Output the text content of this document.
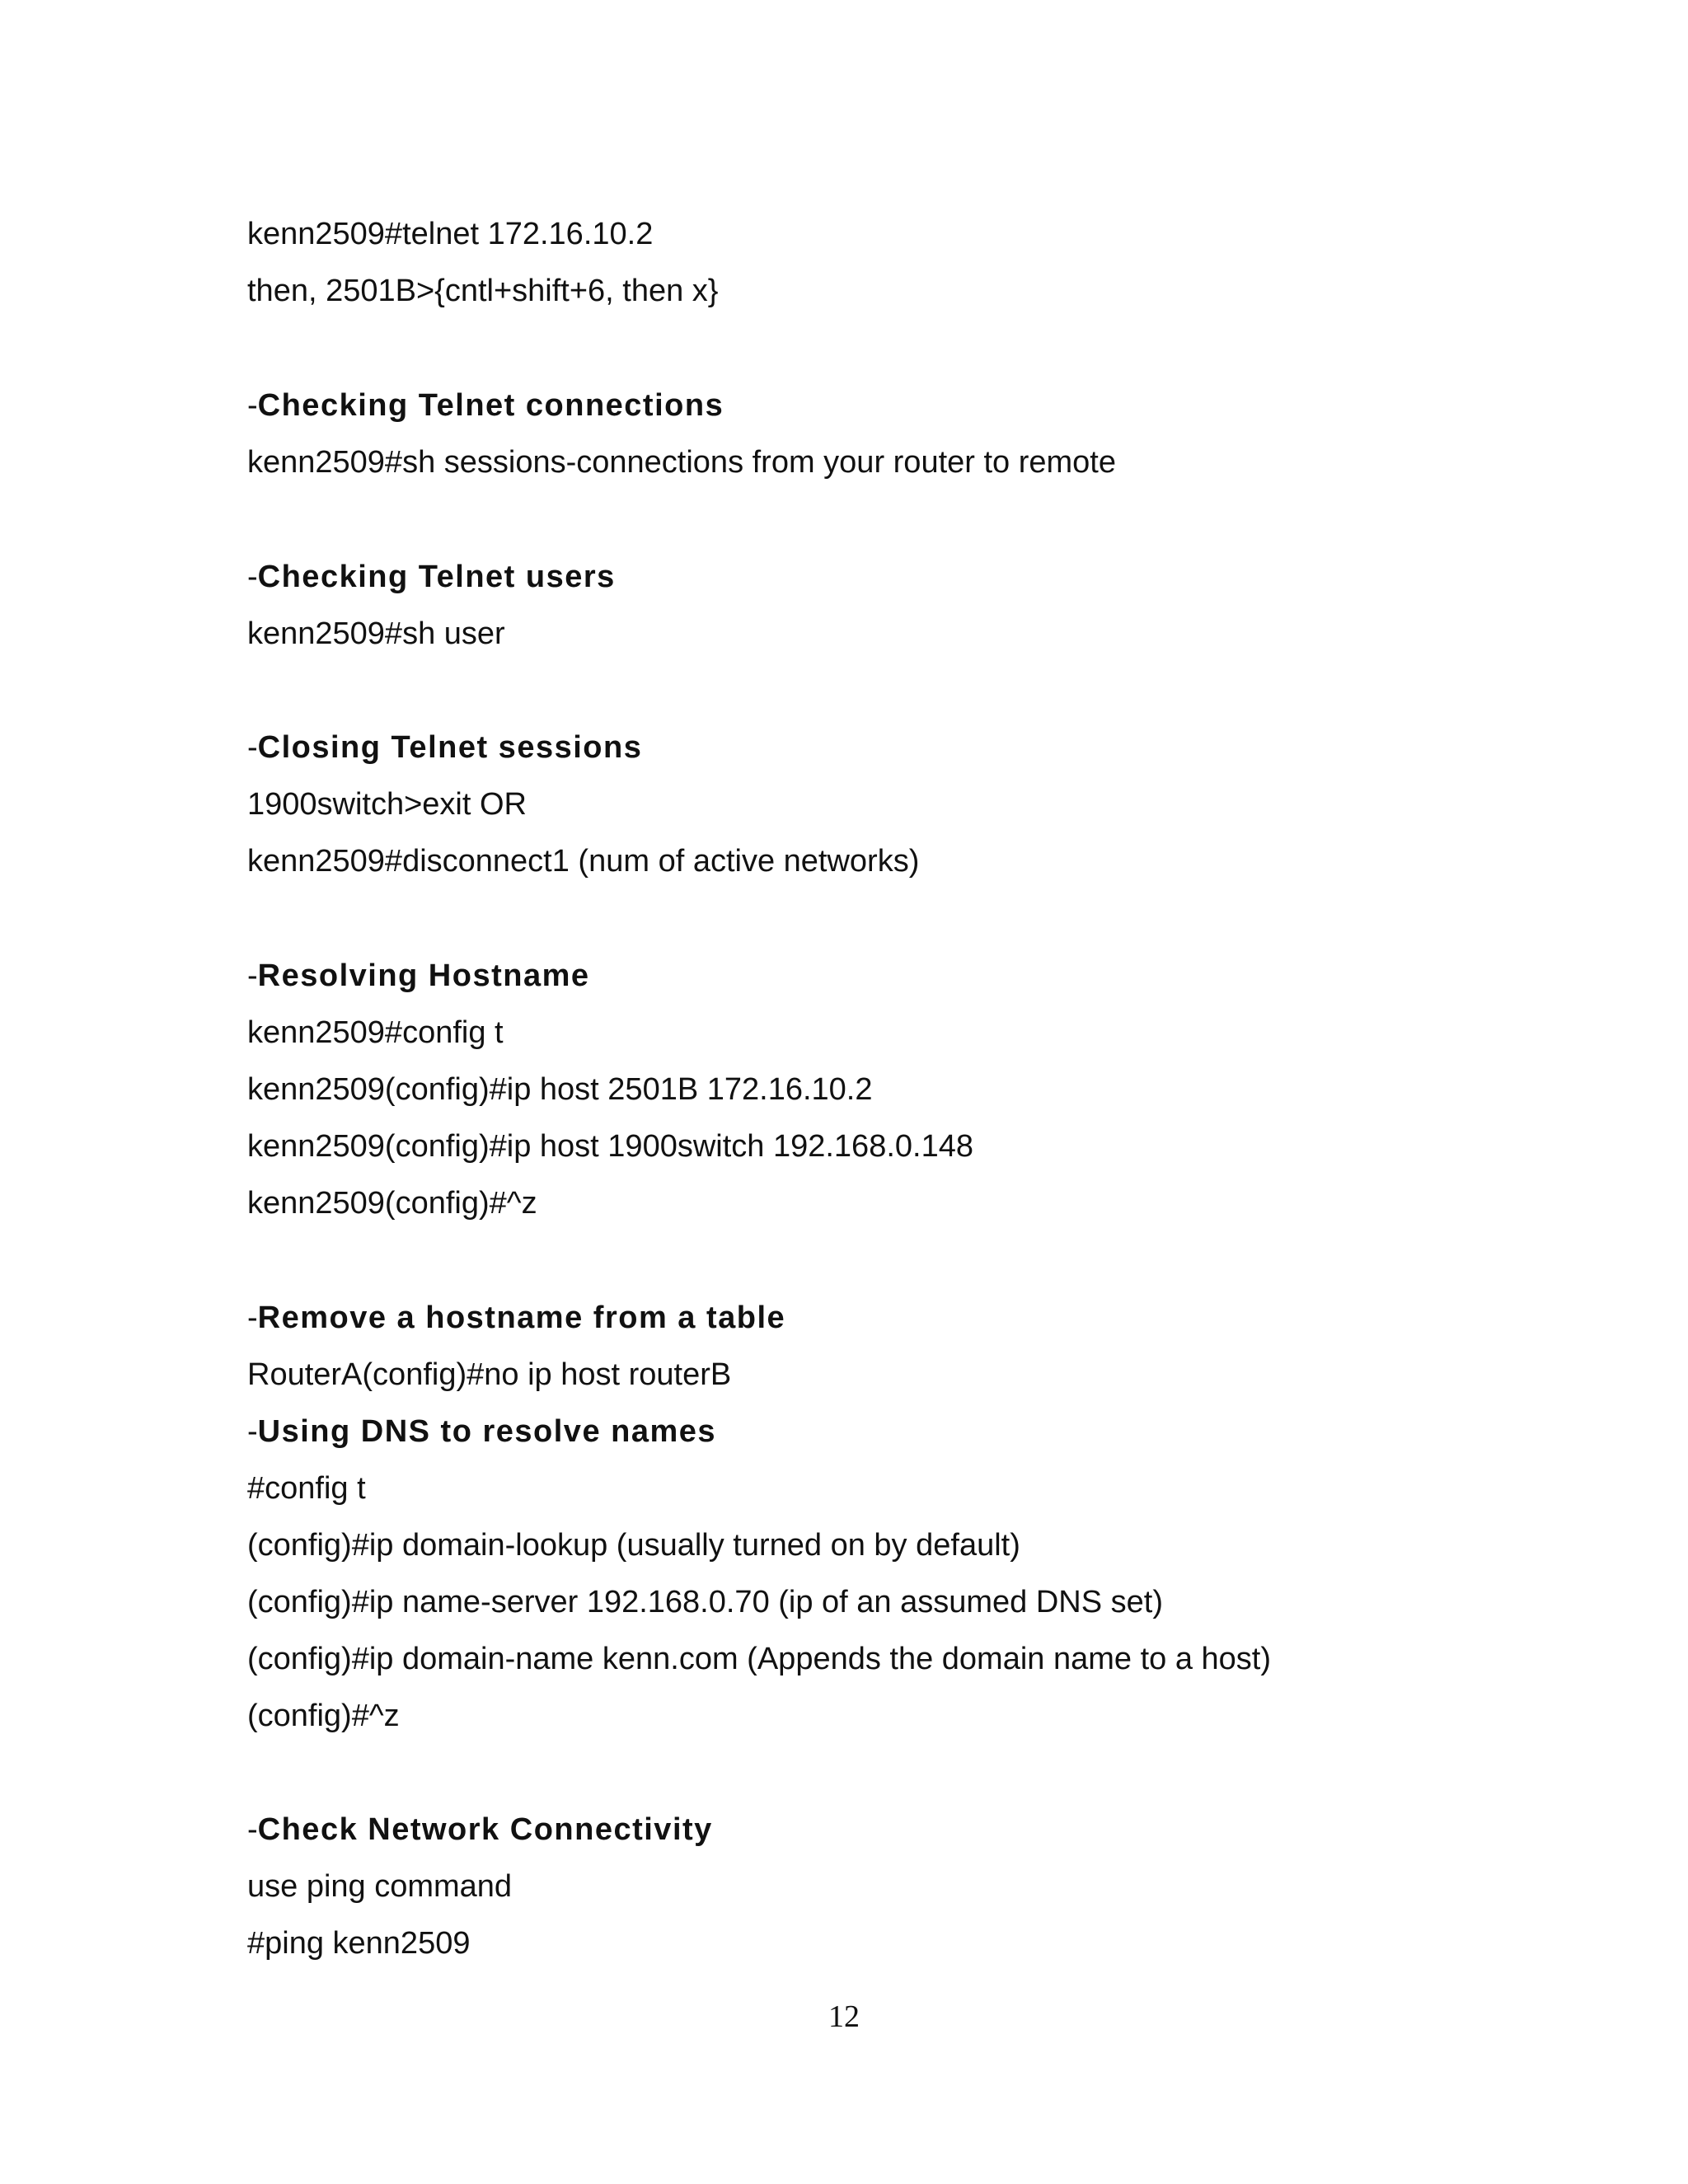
kenn2509#telnet 172.16.10.2
then, 2501B>{cntl+shift+6, then x}
-Checking Telnet connections
kenn2509#sh sessions-connections from your router to remote
-Checking Telnet users
kenn2509#sh user
-Closing Telnet sessions
1900switch>exit OR
kenn2509#disconnect1 (num of active networks)
-Resolving Hostname
kenn2509#config t
kenn2509(config)#ip host 2501B 172.16.10.2
kenn2509(config)#ip host 1900switch 192.168.0.148
kenn2509(config)#^z
-Remove a hostname from a table
RouterA(config)#no ip host routerB
-Using DNS to resolve names
#config t
(config)#ip domain-lookup (usually turned on by default)
(config)#ip name-server 192.168.0.70 (ip of an assumed DNS set)
(config)#ip domain-name kenn.com (Appends the domain name to a host)
(config)#^z
-Check Network Connectivity
use ping command
#ping kenn2509
12
